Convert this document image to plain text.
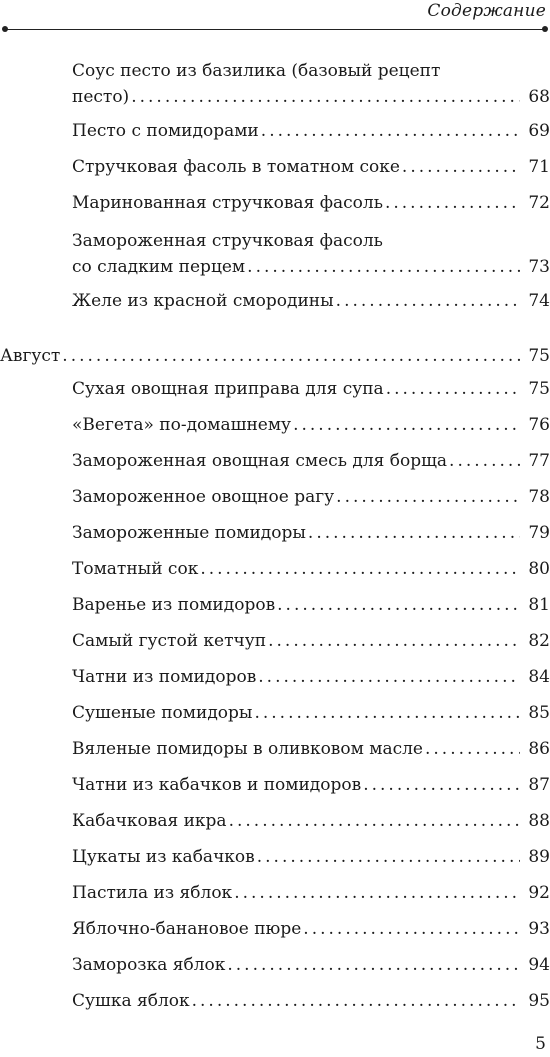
Содержание
Соус песто из базилика (базовый рецепт
песто) . . .	68
Песто с помидорами . . .	69
Стручковая фасоль в томатном соке . . .	71
Маринованная стручковая фасоль . . .	72
Замороженная стручковая фасоль
со сладким перцем . . .	73
Желе из красной смородины . . .	74
Август . . .	75
Сухая овощная приправа для супа . . .	75
«Вегета» по-домашнему . . .	76
Замороженная овощная смесь для борща . . .	77
Замороженное овощное рагу . . .	78
Замороженные помидоры . . .	79
Томатный сок . . .	80
Варенье из помидоров . . .	81
Самый густой кетчуп . . .	82
Чатни из помидоров . . .	84
Сушеные помидоры . . .	85
Вяленые помидоры в оливковом масле . . .	86
Чатни из кабачков и помидоров . . .	87
Кабачковая икра . . .	88
Цукаты из кабачков . . .	89
Пастила из яблок . . .	92
Яблочно-банановое пюре . . .	93
Заморозка яблок . . .	94
Сушка яблок . . .	95
5
